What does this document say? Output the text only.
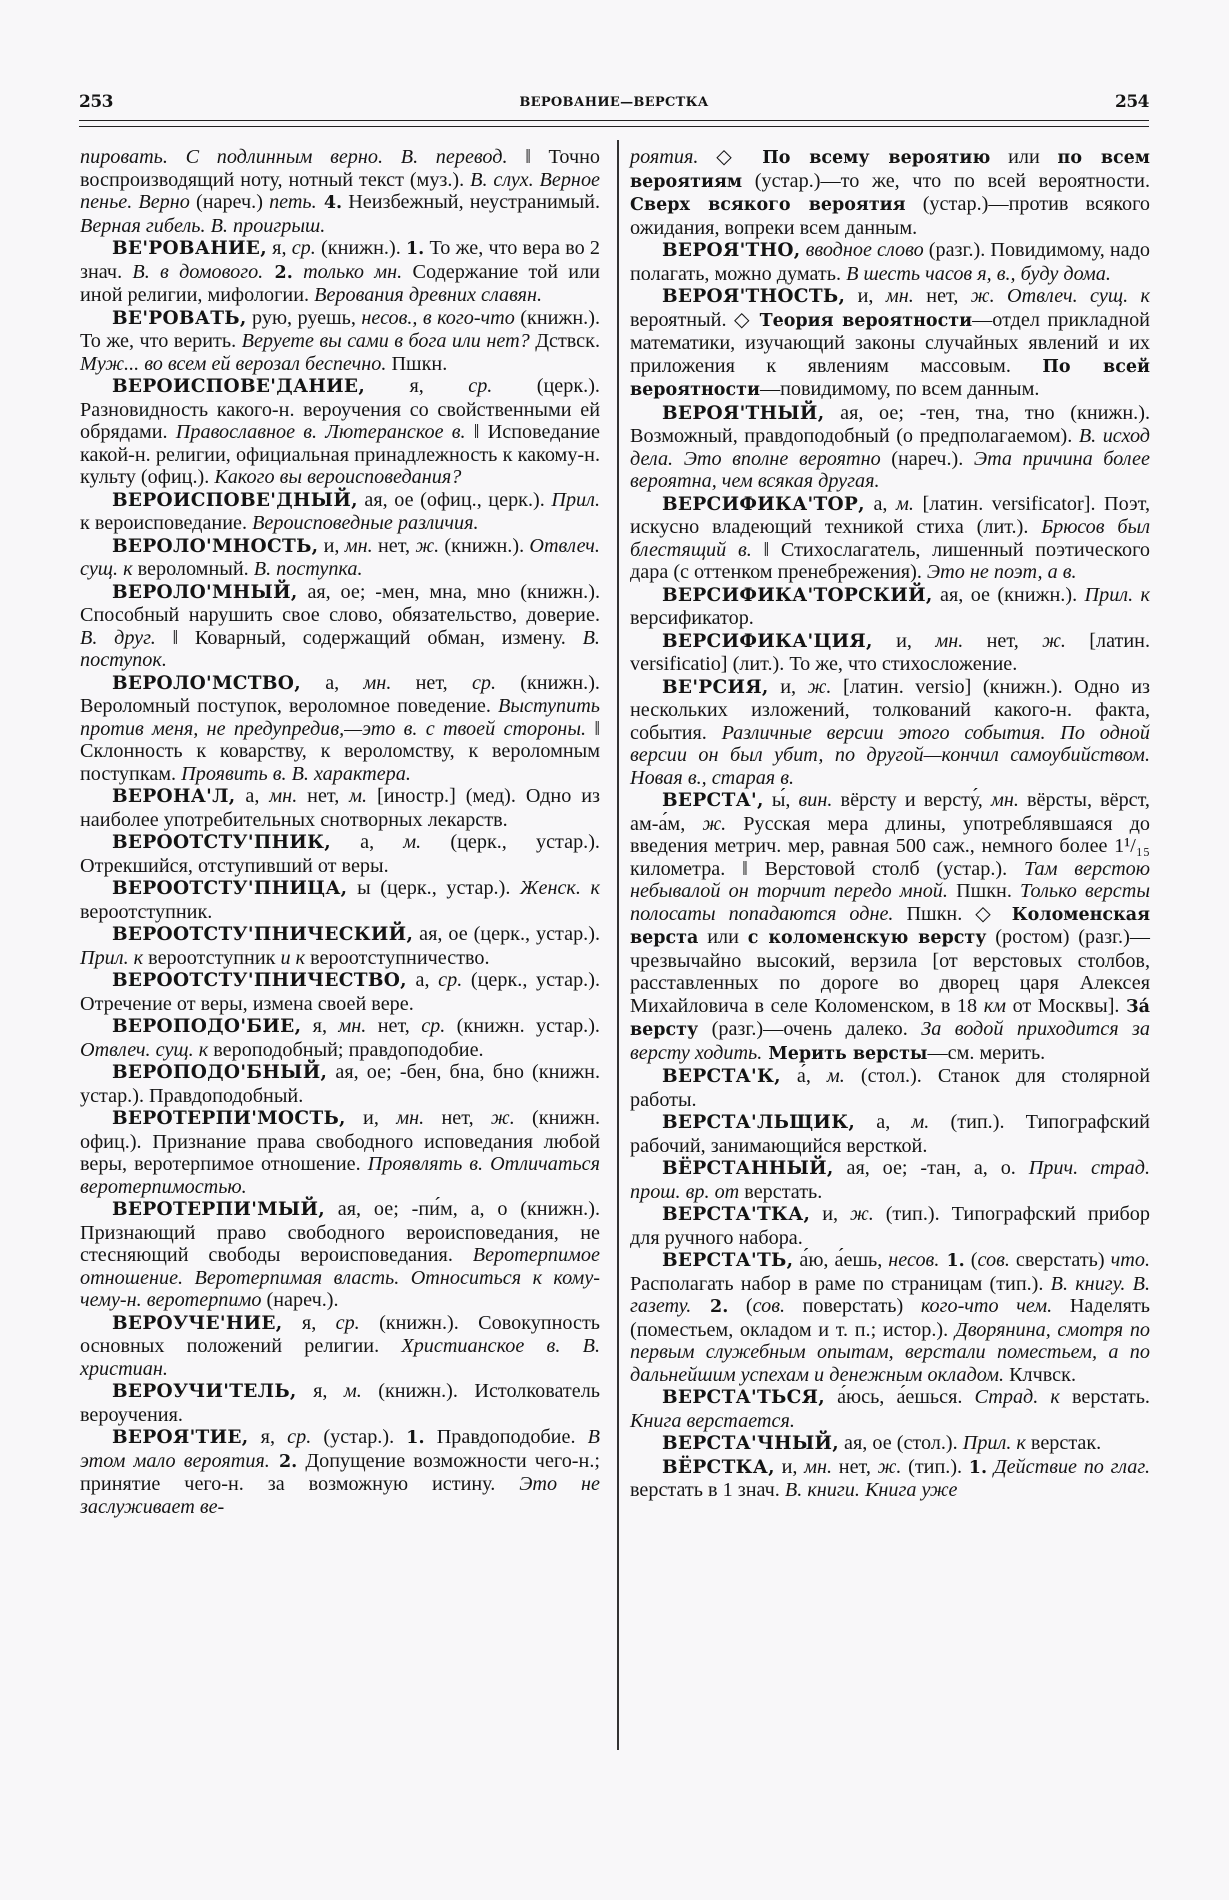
253	ВЕРОВАНИЕ—ВЕРСТКА	254

пировать. С подлинным верно. В. перевод. ‖ Точно воспроизводящий ноту, нотный текст (муз.). В. слух. Верное пенье. Верно (нареч.) петь. 4. Неизбежный, неустранимый. Верная гибель. В. проигрыш.

ВЕ'РОВАНИЕ, я, ср. (книжн.). 1. То же, что вера во 2 знач. В. в домового. 2. только мн. Содержание той или иной религии, мифологии. Верования древних славян.

ВЕ'РОВАТЬ, рую, руешь, несов., в кого-что (книжн.). То же, что верить. Веруете вы сами в бога или нет? Дствск. Муж... во всем ей верозал беспечно. Пшкн.

ВЕРОИСПОВЕ'ДАНИЕ, я, ср. (церк.). Разновидность какого-н. вероучения со свойственными ей обрядами. Православное в. Лютеранское в. ‖ Исповедание какой-н. религии, официальная принадлежность к какому-н. культу (офиц.). Какого вы вероисповедания?

ВЕРОИСПОВЕ'ДНЫЙ, ая, ое (офиц., церк.). Прил. к вероисповедание. Вероисповедные различия.

ВЕРОЛО'МНОСТЬ, и, мн. нет, ж. (книжн.). Отвлеч. сущ. к вероломный. В. поступка.

ВЕРОЛО'МНЫЙ, ая, ое; -мен, мна, мно (книжн.). Способный нарушить свое слово, обязательство, доверие. В. друг. ‖ Коварный, содержащий обман, измену. В. поступок.

ВЕРОЛО'МСТВО, а, мн. нет, ср. (книжн.). Вероломный поступок, вероломное поведение. Выступить против меня, не предупредив,—это в. с твоей стороны. ‖ Склонность к коварству, к вероломству, к вероломным поступкам. Проявить в. В. характера.

ВЕРОНА'Л, а, мн. нет, м. [иностр.] (мед). Одно из наиболее употребительных снотворных лекарств.

ВЕРООТСТУ'ПНИК, а, м. (церк., устар.). Отрекшийся, отступивший от веры.

ВЕРООТСТУ'ПНИЦА, ы (церк., устар.). Женск. к вероотступник.

ВЕРООТСТУ'ПНИЧЕСКИЙ, ая, ое (церк., устар.). Прил. к вероотступник и к вероотступничество.

ВЕРООТСТУ'ПНИЧЕСТВО, а, ср. (церк., устар.). Отречение от веры, измена своей вере.

ВЕРОПОДО'БИЕ, я, мн. нет, ср. (книжн. устар.). Отвлеч. сущ. к вероподобный; правдоподобие.

ВЕРОПОДО'БНЫЙ, ая, ое; -бен, бна, бно (книжн. устар.). Правдоподобный.

ВЕРОТЕРПИ'МОСТЬ, и, мн. нет, ж. (книжн. офиц.). Признание права свободного исповедания любой веры, веротерпимое отношение. Проявлять в. Отличаться веротерпимостью.

ВЕРОТЕРПИ'МЫЙ, ая, ое; -пи́м, а, о (книжн.). Признающий право свободного вероисповедания, не стесняющий свободы вероисповедания. Веротерпимое отношение. Веротерпимая власть. Относиться к кому-чему-н. веротерпимо (нареч.).

ВЕРОУЧЕ'НИЕ, я, ср. (книжн.). Совокупность основных положений религии. Христианское в. В. христиан.

ВЕРОУЧИ'ТЕЛЬ, я, м. (книжн.). Истолкователь вероучения.

ВЕРОЯ'ТИЕ, я, ср. (устар.). 1. Правдоподобие. В этом мало вероятия. 2. Допущение возможности чего-н.; принятие чего-н. за возможную истину. Это не заслуживает ве-

роятия. ◇ По всему вероятию или по всем вероятиям (устар.)—то же, что по всей вероятности. Сверх всякого вероятия (устар.)—против всякого ожидания, вопреки всем данным.

ВЕРОЯ'ТНО, вводное слово (разг.). Повидимому, надо полагать, можно думать. В шесть часов я, в., буду дома.

ВЕРОЯ'ТНОСТЬ, и, мн. нет, ж. Отвлеч. сущ. к вероятный. ◇ Теория вероятности—отдел прикладной математики, изучающий законы случайных явлений и их приложения к явлениям массовым. По всей вероятности—повидимому, по всем данным.

ВЕРОЯ'ТНЫЙ, ая, ое; -тен, тна, тно (книжн.). Возможный, правдоподобный (о предполагаемом). В. исход дела. Это вполне вероятно (нареч.). Эта причина более вероятна, чем всякая другая.

ВЕРСИФИКА'ТОР, а, м. [латин. versificator]. Поэт, искусно владеющий техникой стиха (лит.). Брюсов был блестящий в. ‖ Стихослагатель, лишенный поэтического дара (с оттенком пренебрежения). Это не поэт, а в.

ВЕРСИФИКА'ТОРСКИЙ, ая, ое (книжн.). Прил. к версификатор.

ВЕРСИФИКА'ЦИЯ, и, мн. нет, ж. [латин. versificatio] (лит.). То же, что стихосложение.

ВЕ'РСИЯ, и, ж. [латин. versio] (книжн.). Одно из нескольких изложений, толкований какого-н. факта, события. Различные версии этого события. По одной версии он был убит, по другой—кончил самоубийством. Новая в., старая в.

ВЕРСТА', ы́, вин. вёрсту и версту́, мн. вёрсты, вёрст, ам-а́м, ж. Русская мера длины, употреблявшаяся до введения метрич. мер, равная 500 саж., немного более 1¹/₁₅ километра. ‖ Верстовой столб (устар.). Там верстою небывалой он торчит передо мной. Пшкн. Только версты полосаты попадаются одне. Пшкн. ◇ Коломенская верста или с коломенскую версту (ростом) (разг.)—чрезвычайно высокий, верзила [от верстовых столбов, расставленных по дороге во дворец царя Алексея Михайловича в селе Коломенском, в 18 км от Москвы]. За́ версту (разг.)—очень далеко. За водой приходится за версту ходить. Мерить версты—см. мерить.

ВЕРСТА'К, а́, м. (стол.). Станок для столярной работы.

ВЕРСТА'ЛЬЩИК, а, м. (тип.). Типографский рабочий, занимающийся версткой.

ВЁРСТАННЫЙ, ая, ое; -тан, а, о. Прич. страд. прош. вр. от верстать.

ВЕРСТА'ТКА, и, ж. (тип.). Типографский прибор для ручного набора.

ВЕРСТА'ТЬ, а́ю, а́ешь, несов. 1. (сов. сверстать) что. Располагать набор в раме по страницам (тип.). В. книгу. В. газету. 2. (сов. поверстать) кого-что чем. Наделять (поместьем, окладом и т. п.; истор.). Дворянина, смотря по первым служебным опытам, верстали поместьем, а по дальнейшим успехам и денежным окладом. Клчвск.

ВЕРСТА'ТЬСЯ, а́юсь, а́ешься. Страд. к верстать. Книга верстается.

ВЕРСТА'ЧНЫЙ, ая, ое (стол.). Прил. к верстак.

ВЁРСТКА, и, мн. нет, ж. (тип.). 1. Действие по глаг. верстать в 1 знач. В. книги. Книга уже
